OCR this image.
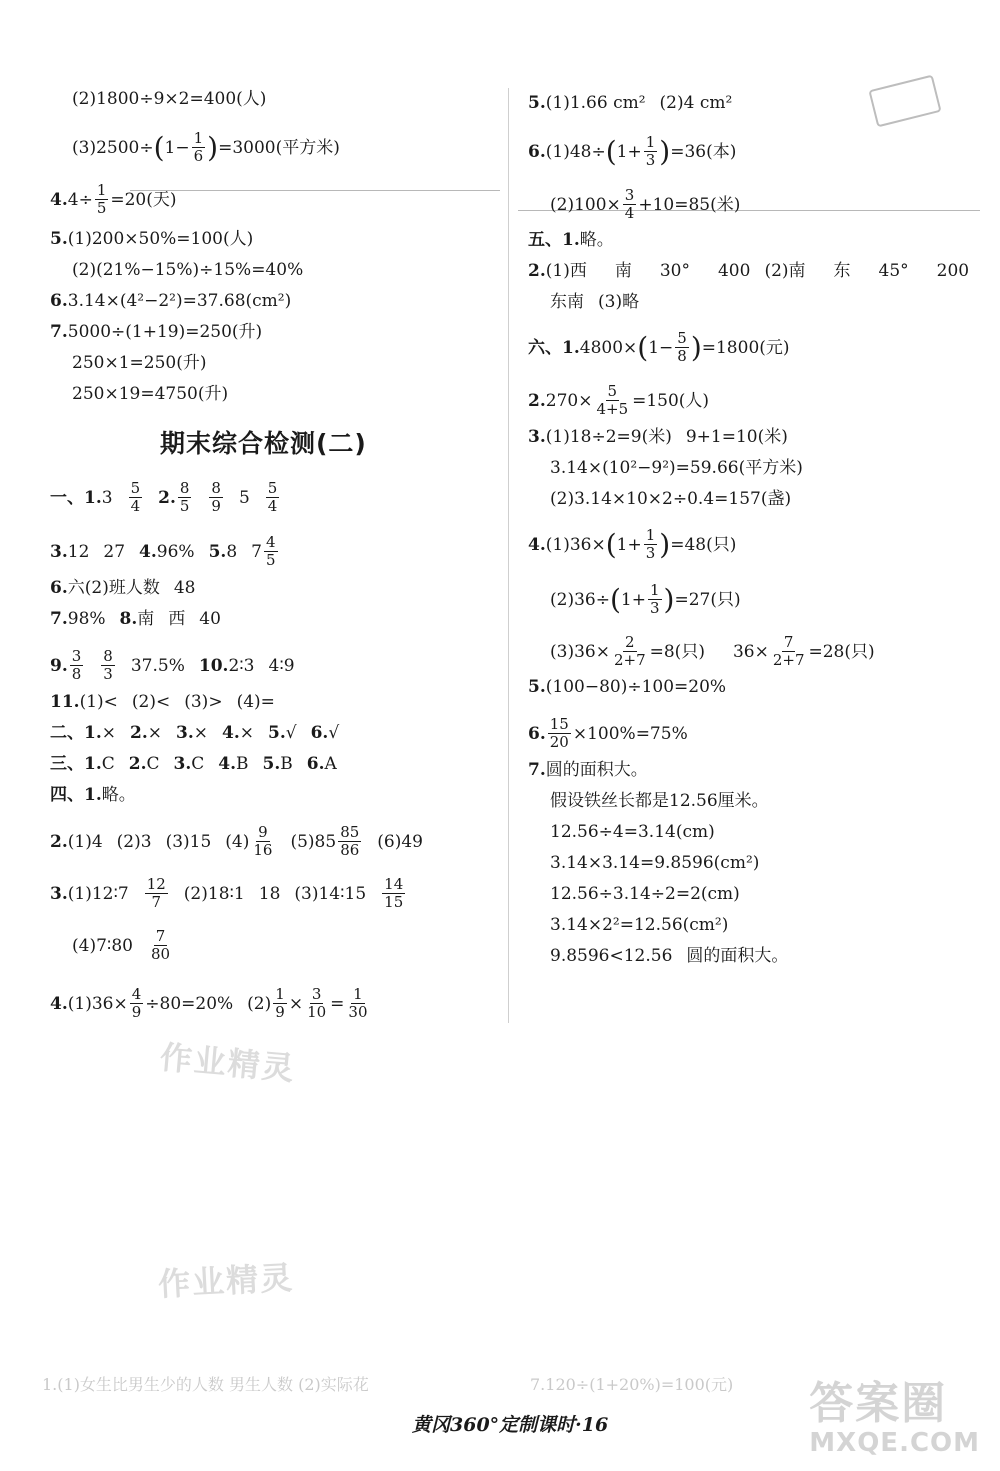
(2)1800÷9×2=400(人)
(3)2500÷ ( $1- \frac{1}{6}$ ) =3000(平方米)
4. $4\div \frac{1}{5} =20$(天)
5. (1)200×50%=100(人)
(2)(21%−15%)÷15%=40%
6. 3.14×(4²−2²)=37.68(cm²)
7. 5000÷(1+19)=250(升)
250×1=250(升)
250×19=4750(升)
期末综合检测(二)
一、1. $3 \frac{5}{4} 2$. $\frac{8}{5} \frac{8}{9} 5 \frac{5}{4}$
3. 12 27 4. 96% 5. 8 $7 \frac{4}{5}$
6. 六(2)班人数 48
7. 98% 8. 南 西 40
9. $\frac{3}{8} \frac{8}{3} 37.5\%$ 10. 2∶3 4∶9
11. (1)< (2)< (3)> (4)=
二、1. × 2. × 3. × 4. × 5. √ 6. √
三、1. C 2. C 3. C 4. B 5. B 6. A
四、1. 略。
2. (1)4 (2)3 (3)15 $(4) \frac{9}{16} (5)85 \frac{85}{86} (6)49$
3. (1)12∶7 $\frac{12}{7}$ (2)18∶1 18 (3)14∶15 $\frac{14}{15}$
(4)7∶80 $\frac{7}{80}$
4. $(1)36\times \frac{4}{9} \div 80=20\%$ $(2) \frac{1}{9} \times \frac{3}{10} = \frac{1}{30}$
5. (1)1.66 cm² (2)4 cm²
6. (1)48÷ ( $1+ \frac{1}{3}$ ) =36(本)
$(2)100\times \frac{3}{4} +10=85$(米)
五、1. 略。
2. (1)西 南 30° 400 (2)南 东 45° 200
东南 (3)略
六、1. 4800× ( $1- \frac{5}{8}$ ) =1800(元)
2. $270\times \frac{5}{4+5} =150$(人)
3. (1)18÷2=9(米) 9+1=10(米)
3.14×(10²−9²)=59.66(平方米)
(2)3.14×10×2÷0.4=157(盏)
4. (1)36× ( $1+ \frac{1}{3}$ ) =48(只)
(2)36÷ ( $1+ \frac{1}{3}$ ) =27(只)
$(3)36\times \frac{2}{2+7} =8$(只) $36\times \frac{7}{2+7} =28$(只)
5. (100−80)÷100=20%
6. $\frac{15}{20} \times 100\%=75\%$
7. 圆的面积大。
假设铁丝长都是12.56厘米。
12.56÷4=3.14(cm)
3.14×3.14=9.8596(cm²)
12.56÷3.14÷2=2(cm)
3.14×2²=12.56(cm²)
9.8596<12.56 圆的面积大。
作业精灵
作业精灵
1.(1)女生比男生少的人数 男生人数 (2)实际花	7.120÷(1+20%)=100(元)
黄冈360°定制课时·16	答案圈
MXQE.COM
